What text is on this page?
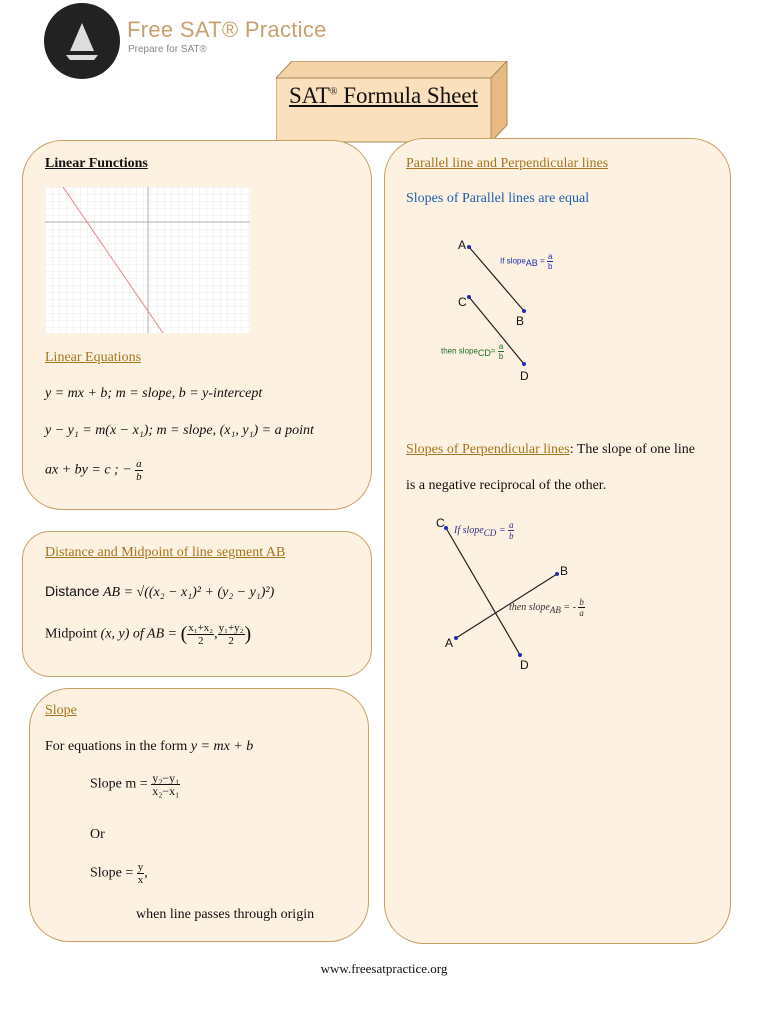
Free SAT® Practice
Prepare for SAT®
SAT® Formula Sheet
Linear Functions
Linear Equations
y = mx + b; m = slope, b = y-intercept
y − y₁ = m(x − x₁); m = slope, (x₁, y₁) = a point
ax + by = c ; − $\frac{a}{b}$
Distance and Midpoint of line segment AB
Distance AB = √((x₂ − x₁)² + (y₂ − y₁)²)
Midpoint (x, y) of AB = ( $\frac{\text{x₁+x₂}}{2}$ , $\frac{\text{y₁+y₂}}{2}$ )
Slope
For equations in the form y = mx + b
Slope $m = \frac{\text{y₂−y₁}}{\text{x₂−x₁}}$
Or
Slope = $\frac{y}{x}$ ,
when line passes through origin
Parallel line and Perpendicular lines
Slopes of Parallel lines are equal
A
B
C
D
If slope$_{AB}$ = $\frac{a}{b}$
then slope$_{CD}$= $\frac{a}{b}$
Slopes of Perpendicular lines: The slope of one line
is a negative reciprocal of the other.
C
B
A
D
If slope$_{CD}$ = $\frac{a}{b}$
then slope$_{AB}$ = - $\frac{b}{a}$
www.freesatpractice.org
